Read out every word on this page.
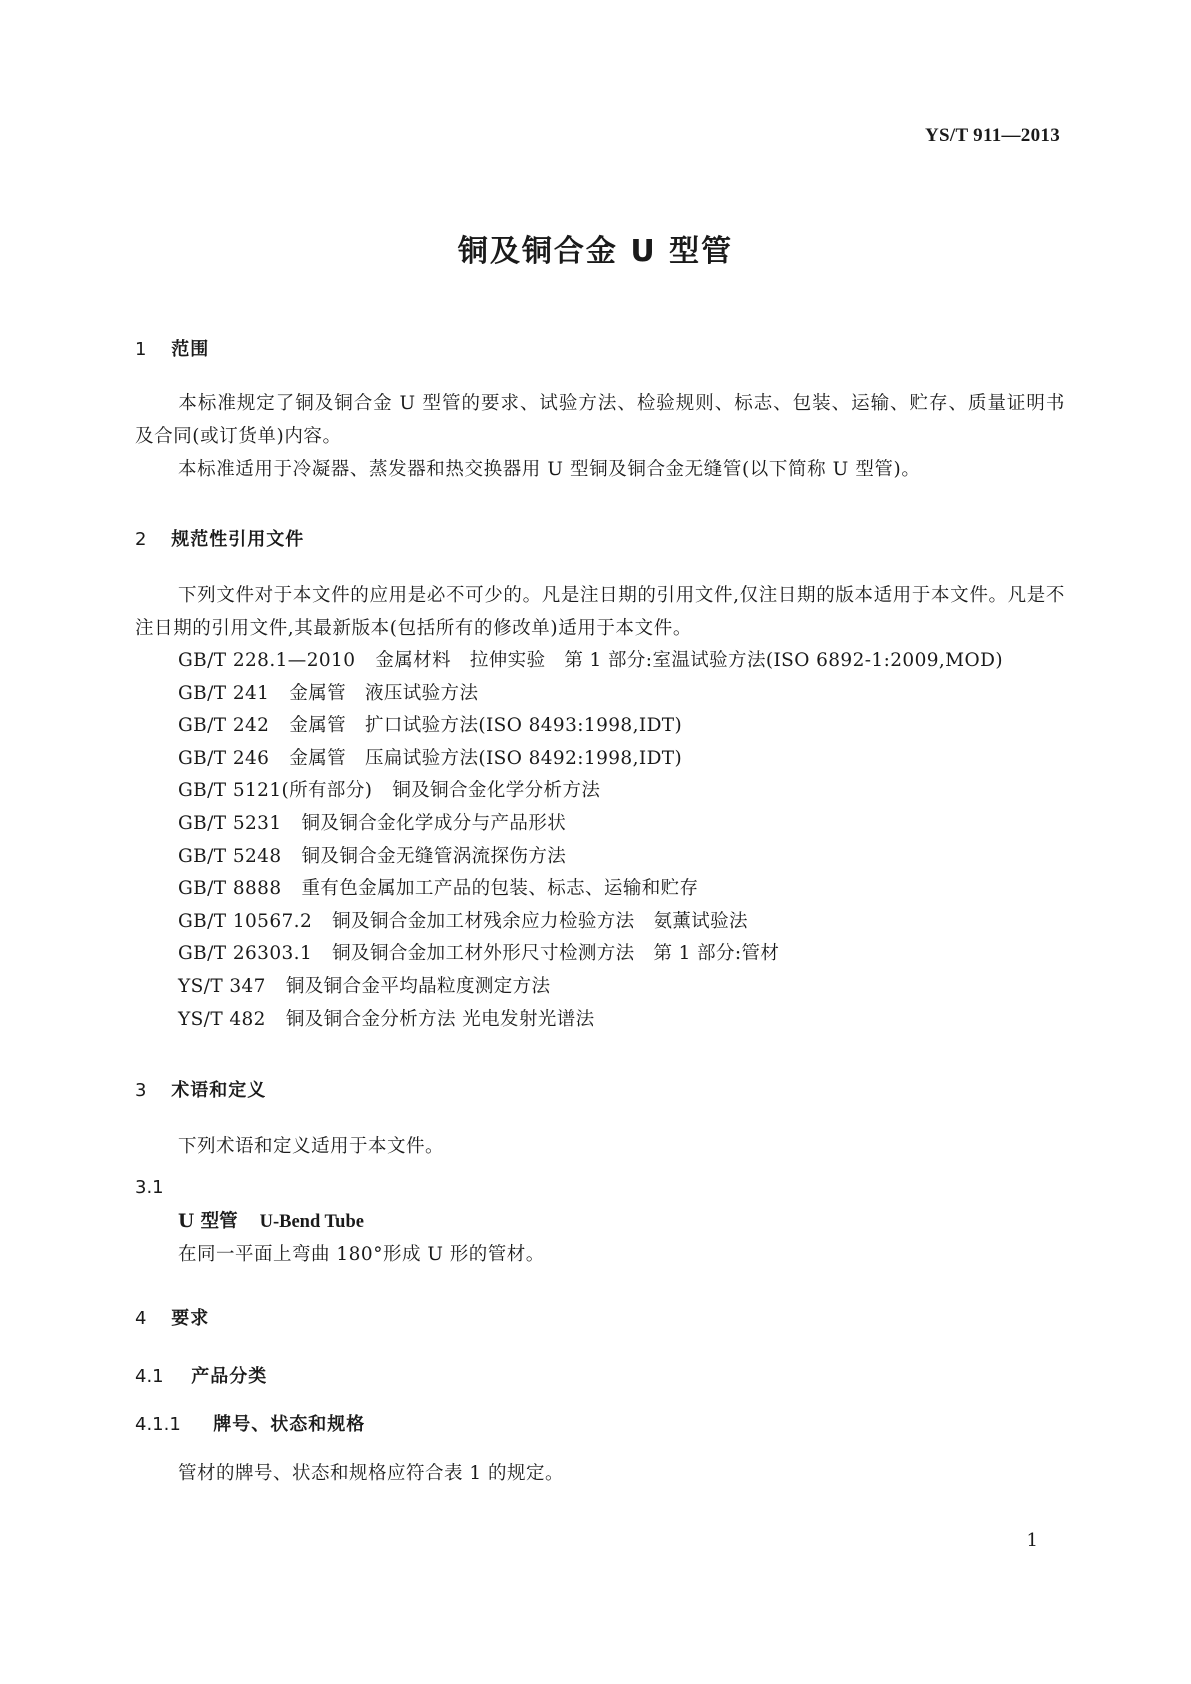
YS/T 911—2013
铜及铜合金 U 型管
1 范围

本标准规定了铜及铜合金 U 型管的要求、试验方法、检验规则、标志、包装、运输、贮存、质量证明书及合同(或订货单)内容。

本标准适用于冷凝器、蒸发器和热交换器用 U 型铜及铜合金无缝管(以下简称 U 型管)。

2 规范性引用文件

下列文件对于本文件的应用是必不可少的。凡是注日期的引用文件,仅注日期的版本适用于本文件。凡是不注日期的引用文件,其最新版本(包括所有的修改单)适用于本文件。

GB/T 228.1—2010 金属材料　拉伸实验　第 1 部分:室温试验方法(ISO 6892-1:2009,MOD)
GB/T 241 金属管　液压试验方法
GB/T 242 金属管　扩口试验方法(ISO 8493:1998,IDT)
GB/T 246 金属管　压扁试验方法(ISO 8492:1998,IDT)
GB/T 5121(所有部分) 铜及铜合金化学分析方法
GB/T 5231 铜及铜合金化学成分与产品形状
GB/T 5248 铜及铜合金无缝管涡流探伤方法
GB/T 8888 重有色金属加工产品的包装、标志、运输和贮存
GB/T 10567.2 铜及铜合金加工材残余应力检验方法　氨薰试验法
GB/T 26303.1 铜及铜合金加工材外形尺寸检测方法　第 1 部分:管材
YS/T 347 铜及铜合金平均晶粒度测定方法
YS/T 482 铜及铜合金分析方法 光电发射光谱法
3 术语和定义

下列术语和定义适用于本文件。

3.1

U 型管 U-Bend Tube

在同一平面上弯曲 180°形成 U 形的管材。

4 要求
4.1 产品分类
4.1.1 牌号、状态和规格

管材的牌号、状态和规格应符合表 1 的规定。

1
